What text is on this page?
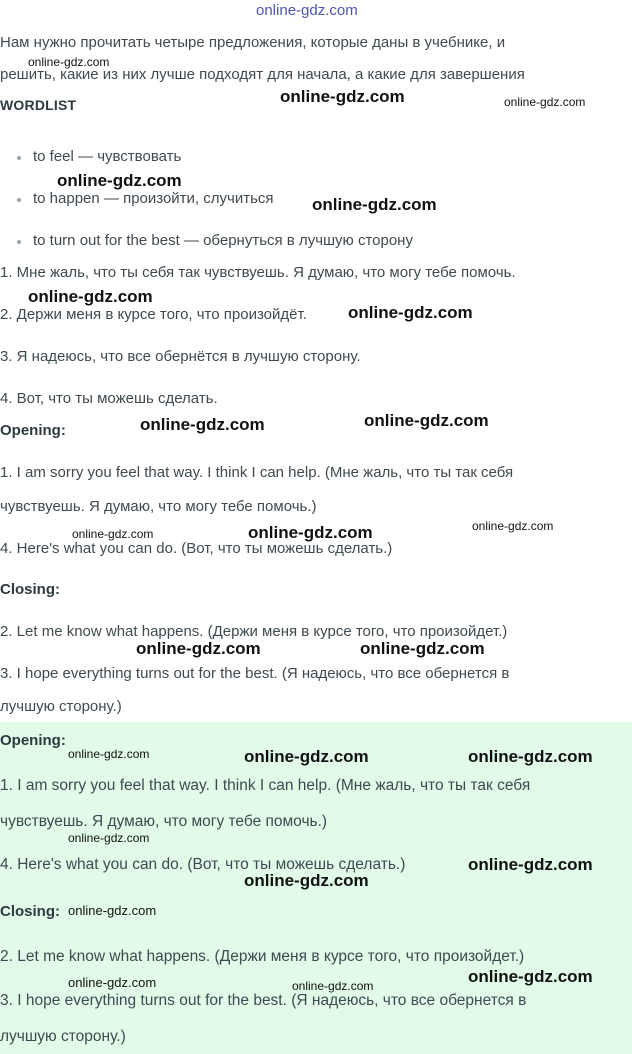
online-gdz.com
Нам нужно прочитать четыре предложения, которые даны в учебнике, и
решить, какие из них лучше подходят для начала, а какие для завершения
WORDLIST
to feel — чувствовать
to happen — произойти, случиться
to turn out for the best — обернуться в лучшую сторону
1. Мне жаль, что ты себя так чувствуешь. Я думаю, что могу тебе помочь.
2. Держи меня в курсе того, что произойдёт.
3. Я надеюсь, что все обернётся в лучшую сторону.
4. Вот, что ты можешь сделать.
Opening:
1. I am sorry you feel that way. I think I can help. (Мне жаль, что ты так себя
чувствуешь. Я думаю, что могу тебе помочь.)
4. Here's what you can do. (Вот, что ты можешь сделать.)
Closing:
2. Let me know what happens. (Держи меня в курсе того, что произойдет.)
3. I hope everything turns out for the best. (Я надеюсь, что все обернется в
лучшую сторону.)
Opening:
1. I am sorry you feel that way. I think I can help. (Мне жаль, что ты так себя
чувствуешь. Я думаю, что могу тебе помочь.)
4. Here's what you can do. (Вот, что ты можешь сделать.)
Closing:
2. Let me know what happens. (Держи меня в курсе того, что произойдет.)
3. I hope everything turns out for the best. (Я надеюсь, что все обернется в
лучшую сторону.)
online-gdz.com
online-gdz.com	online-gdz.com
online-gdz.com
online-gdz.com
online-gdz.com
online-gdz.com
online-gdz.com	online-gdz.com
online-gdz.com	online-gdz.com	online-gdz.com
online-gdz.com	online-gdz.com
online-gdz.com	online-gdz.com	online-gdz.com
online-gdz.com
online-gdz.com
online-gdz.com
online-gdz.com
online-gdz.com
online-gdz.com	online-gdz.com
